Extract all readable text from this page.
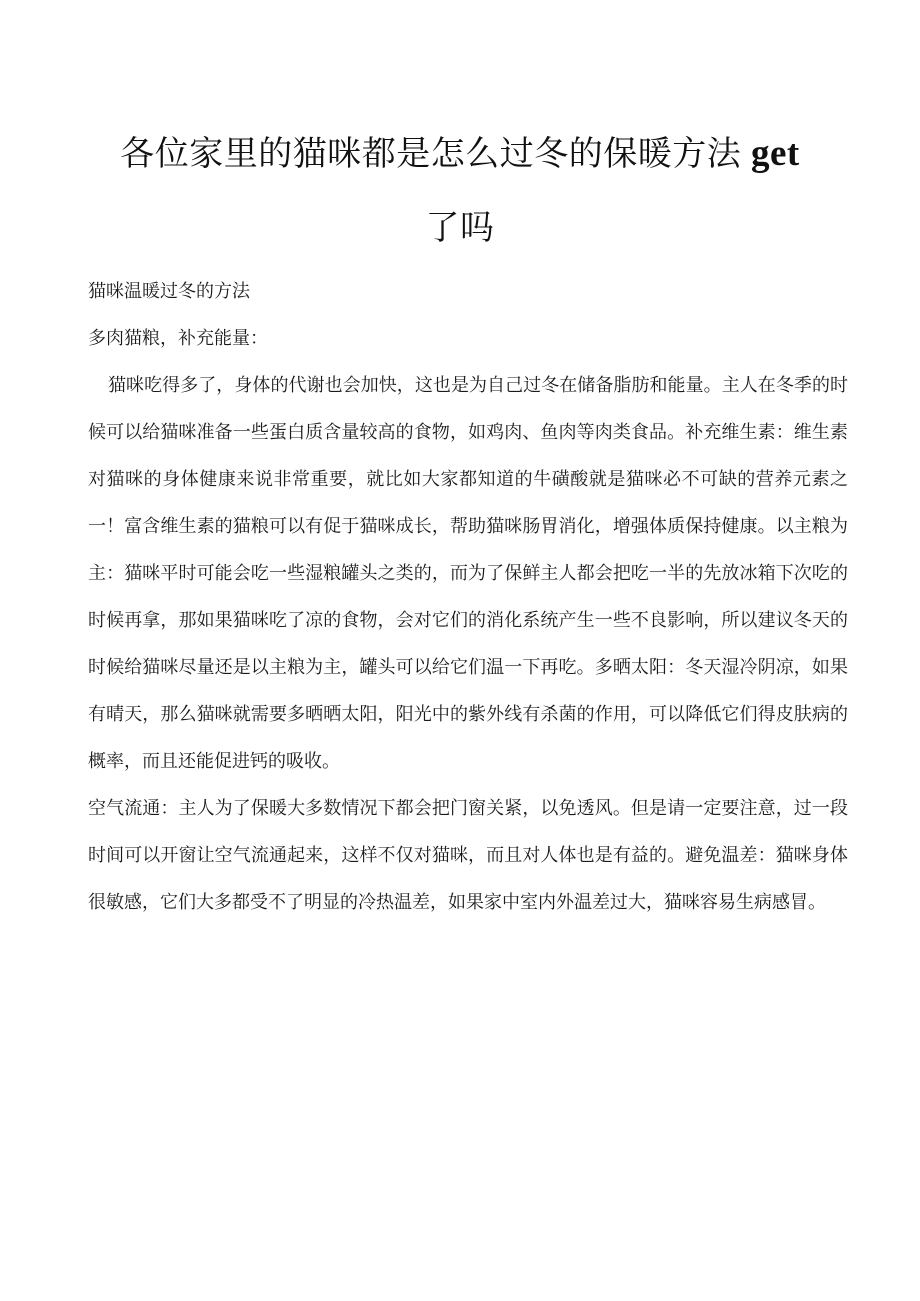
各位家里的猫咪都是怎么过冬的保暖方法 get
了吗

猫咪温暖过冬的方法

多肉猫粮，补充能量：

猫咪吃得多了，身体的代谢也会加快，这也是为自己过冬在储备脂肪和能量。主人在冬季的时候可以给猫咪准备一些蛋白质含量较高的食物，如鸡肉、鱼肉等肉类食品。补充维生素：维生素对猫咪的身体健康来说非常重要，就比如大家都知道的牛磺酸就是猫咪必不可缺的营养元素之一！富含维生素的猫粮可以有促于猫咪成长，帮助猫咪肠胃消化，增强体质保持健康。以主粮为主：猫咪平时可能会吃一些湿粮罐头之类的，而为了保鲜主人都会把吃一半的先放冰箱下次吃的时候再拿，那如果猫咪吃了凉的食物，会对它们的消化系统产生一些不良影响，所以建议冬天的时候给猫咪尽量还是以主粮为主，罐头可以给它们温一下再吃。多晒太阳：冬天湿冷阴凉，如果有晴天，那么猫咪就需要多晒晒太阳，阳光中的紫外线有杀菌的作用，可以降低它们得皮肤病的概率，而且还能促进钙的吸收。

空气流通：主人为了保暖大多数情况下都会把门窗关紧，以免透风。但是请一定要注意，过一段时间可以开窗让空气流通起来，这样不仅对猫咪，而且对人体也是有益的。避免温差：猫咪身体很敏感，它们大多都受不了明显的冷热温差，如果家中室内外温差过大，猫咪容易生病感冒。
